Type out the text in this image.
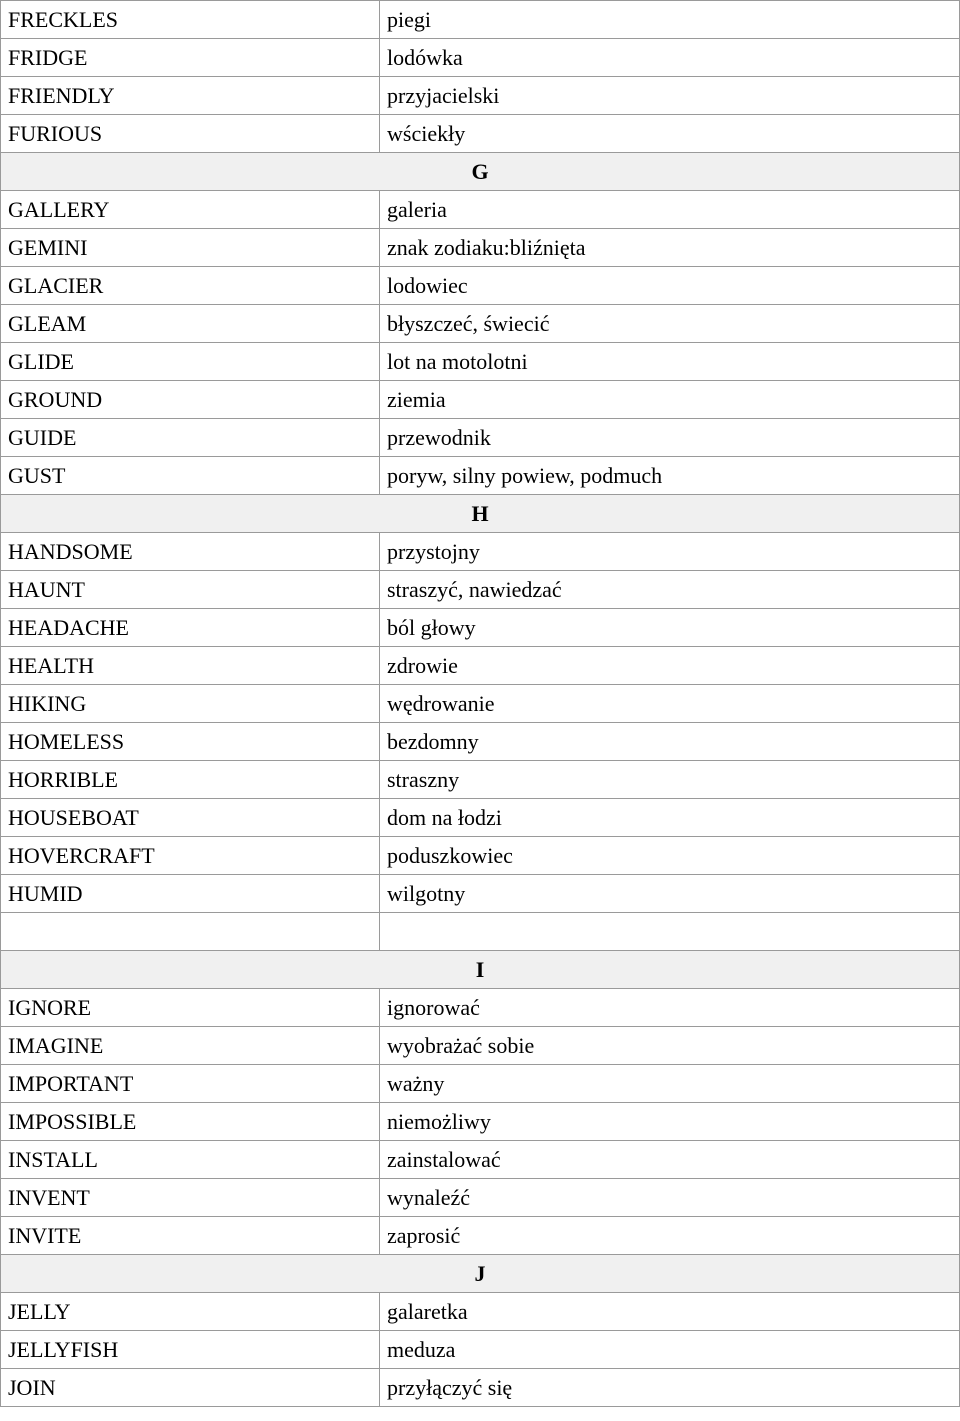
FRECKLES	piegi
FRIDGE	lodówka
FRIENDLY	przyjacielski
FURIOUS	wściekły
G	
GALLERY	galeria
GEMINI	znak zodiaku:bliźnięta
GLACIER	lodowiec
GLEAM	błyszczeć, świecić
GLIDE	lot na motolotni
GROUND	ziemia
GUIDE	przewodnik
GUST	poryw, silny powiew, podmuch
H	
HANDSOME	przystojny
HAUNT	straszyć, nawiedzać
HEADACHE	ból głowy
HEALTH	zdrowie
HIKING	wędrowanie
HOMELESS	bezdomny
HORRIBLE	straszny
HOUSEBOAT	dom na łodzi
HOVERCRAFT	poduszkowiec
HUMID	wilgotny

I	
IGNORE	ignorować
IMAGINE	wyobrażać sobie
IMPORTANT	ważny
IMPOSSIBLE	niemożliwy
INSTALL	zainstalować
INVENT	wynaleźć
INVITE	zaprosić
J	
JELLY	galaretka
JELLYFISH	meduza
JOIN	przyłączyć się
